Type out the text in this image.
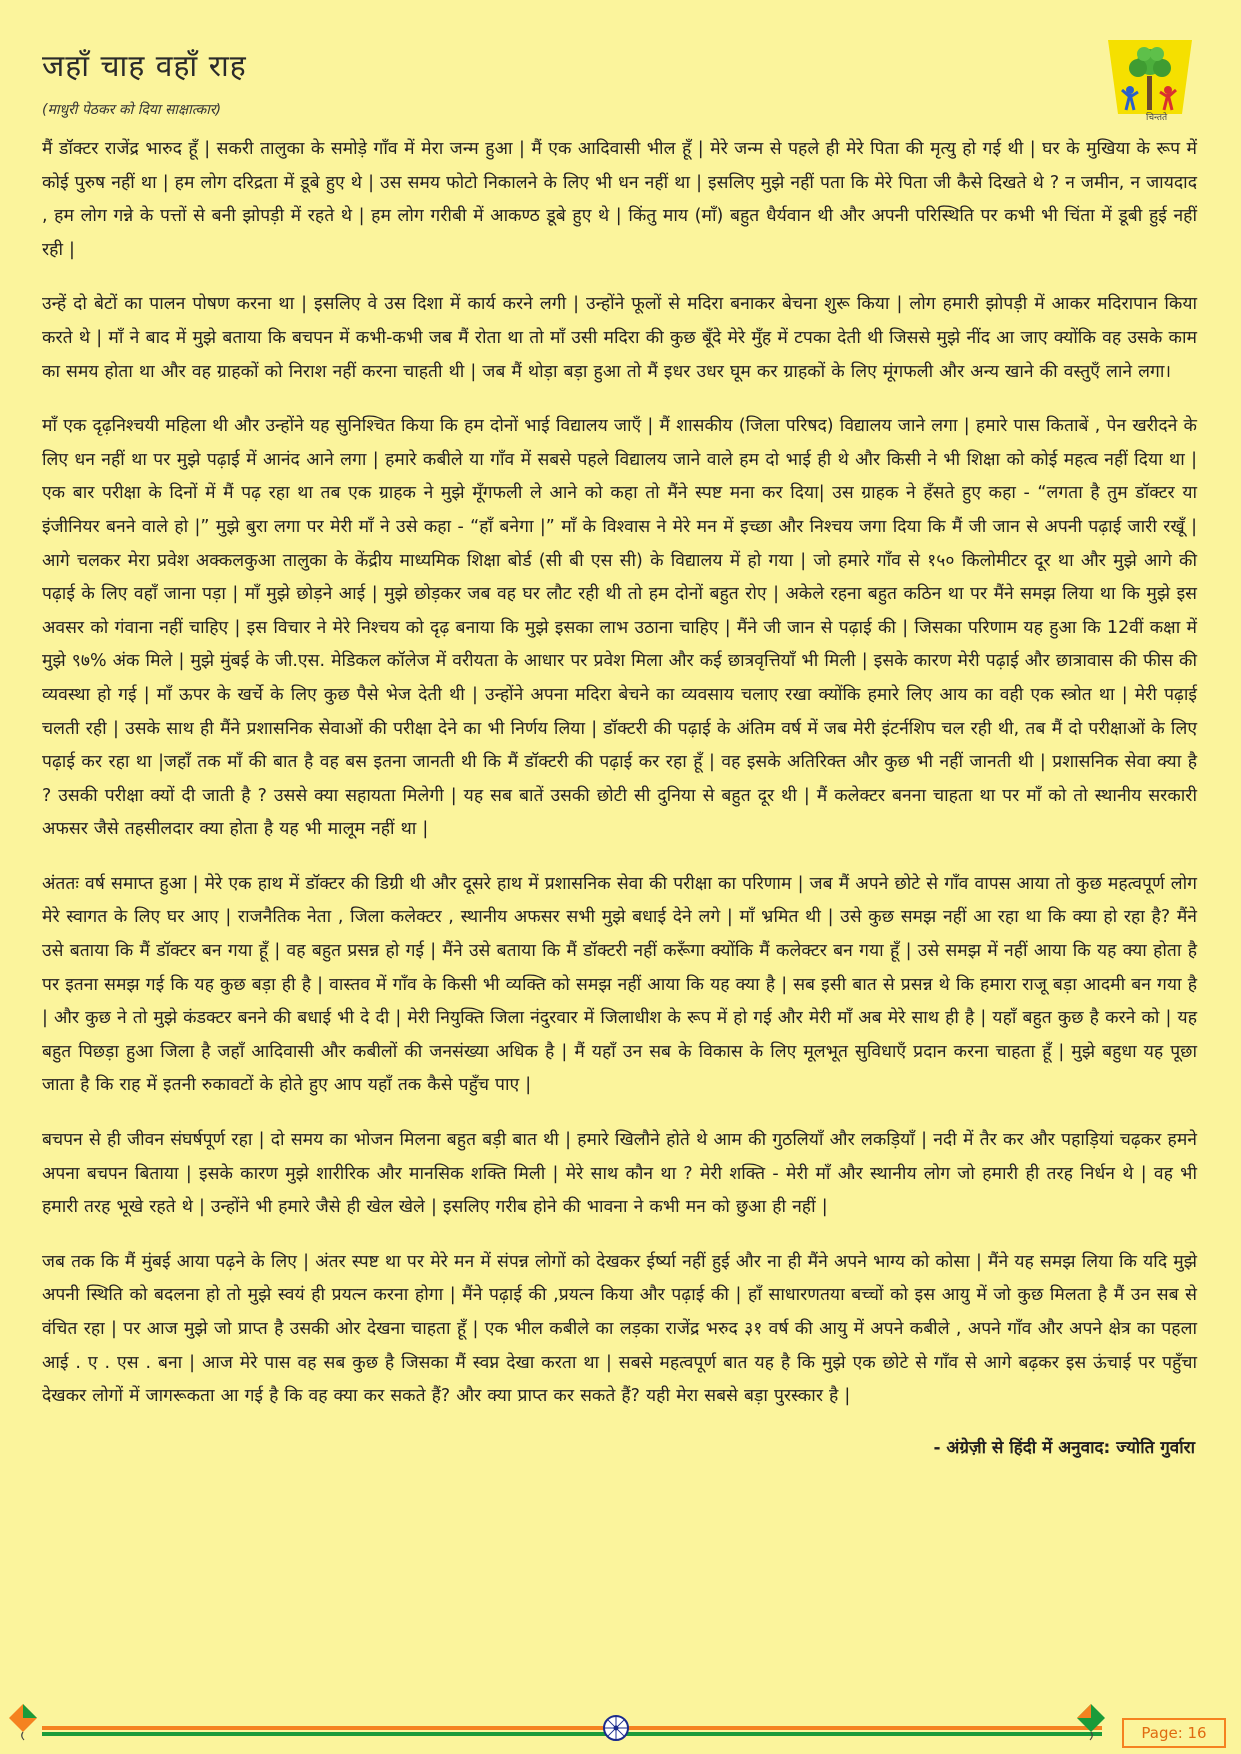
जहाँ चाह वहाँ राह
(माधुरी पेठकर को दिया साक्षात्कार)	चिन्तते

मैं डॉक्टर राजेंद्र भारुद हूँ | सकरी तालुका के समोड़े गाँव में मेरा जन्म हुआ | मैं एक आदिवासी भील हूँ | मेरे जन्म से पहले ही मेरे पिता की मृत्यु हो गई थी | घर के मुखिया के रूप में कोई पुरुष नहीं था | हम लोग दरिद्रता में डूबे हुए थे | उस समय फोटो निकालने के लिए भी धन नहीं था | इसलिए मुझे नहीं पता कि मेरे पिता जी कैसे दिखते थे ? न जमीन, न जायदाद , हम लोग गन्ने के पत्तों से बनी झोपड़ी में रहते थे | हम लोग गरीबी में आकण्ठ डूबे हुए थे | किंतु माय (माँ) बहुत धैर्यवान थी और अपनी परिस्थिति पर कभी भी चिंता में डूबी हुई नहीं रही |

उन्हें दो बेटों का पालन पोषण करना था | इसलिए वे उस दिशा में कार्य करने लगी | उन्होंने फूलों से मदिरा बनाकर बेचना शुरू किया | लोग हमारी झोपड़ी में आकर मदिरापान किया करते थे | माँ ने बाद में मुझे बताया कि बचपन में कभी-कभी जब मैं रोता था तो माँ उसी मदिरा की कुछ बूँदे मेरे मुँह में टपका देती थी जिससे मुझे नींद आ जाए क्योंकि वह उसके काम का समय होता था और वह ग्राहकों को निराश नहीं करना चाहती थी | जब मैं थोड़ा बड़ा हुआ तो मैं इधर उधर घूम कर ग्राहकों के लिए मूंगफली और अन्य खाने की वस्तुएँ लाने लगा।

माँ एक दृढ़निश्चयी महिला थी और उन्होंने यह सुनिश्चित किया कि हम दोनों भाई विद्यालय जाएँ | मैं शासकीय (जिला परिषद) विद्यालय जाने लगा | हमारे पास किताबें , पेन खरीदने के लिए धन नहीं था पर मुझे पढ़ाई में आनंद आने लगा | हमारे कबीले या गाँव में सबसे पहले विद्यालय जाने वाले हम दो भाई ही थे और किसी ने भी शिक्षा को कोई महत्व नहीं दिया था | एक बार परीक्षा के दिनों में मैं पढ़ रहा था तब एक ग्राहक ने मुझे मूँगफली ले आने को कहा तो मैंने स्पष्ट मना कर दिया| उस ग्राहक ने हँसते हुए कहा - “लगता है तुम डॉक्टर या इंजीनियर बनने वाले हो |” मुझे बुरा लगा पर मेरी माँ ने उसे कहा - “हाँ बनेगा |” माँ के विश्वास ने मेरे मन में इच्छा और निश्चय जगा दिया कि मैं जी जान से अपनी पढ़ाई जारी रखूँ | आगे चलकर मेरा प्रवेश अक्कलकुआ तालुका के केंद्रीय माध्यमिक शिक्षा बोर्ड (सी बी एस सी) के विद्यालय में हो गया | जो हमारे गाँव से १५० किलोमीटर दूर था और मुझे आगे की पढ़ाई के लिए वहाँ जाना पड़ा | माँ मुझे छोड़ने आई | मुझे छोड़कर जब वह घर लौट रही थी तो हम दोनों बहुत रोए | अकेले रहना बहुत कठिन था पर मैंने समझ लिया था कि मुझे इस अवसर को गंवाना नहीं चाहिए | इस विचार ने मेरे निश्चय को दृढ़ बनाया कि मुझे इसका लाभ उठाना चाहिए | मैंने जी जान से पढ़ाई की | जिसका परिणाम यह हुआ कि 12वीं कक्षा में मुझे ९७% अंक मिले | मुझे मुंबई के जी.एस. मेडिकल कॉलेज में वरीयता के आधार पर प्रवेश मिला और कई छात्रवृत्तियाँ भी मिली | इसके कारण मेरी पढ़ाई और छात्रावास की फीस की व्यवस्था हो गई | माँ ऊपर के खर्चे के लिए कुछ पैसे भेज देती थी | उन्होंने अपना मदिरा बेचने का व्यवसाय चलाए रखा क्योंकि हमारे लिए आय का वही एक स्त्रोत था | मेरी पढ़ाई चलती रही | उसके साथ ही मैंने प्रशासनिक सेवाओं की परीक्षा देने का भी निर्णय लिया | डॉक्टरी की पढ़ाई के अंतिम वर्ष में जब मेरी इंटर्नशिप चल रही थी, तब मैं दो परीक्षाओं के लिए पढ़ाई कर रहा था |जहाँ तक माँ की बात है वह बस इतना जानती थी कि मैं डॉक्टरी की पढ़ाई कर रहा हूँ | वह इसके अतिरिक्त और कुछ भी नहीं जानती थी | प्रशासनिक सेवा क्या है ? उसकी परीक्षा क्यों दी जाती है ? उससे क्या सहायता मिलेगी | यह सब बातें उसकी छोटी सी दुनिया से बहुत दूर थी | मैं कलेक्टर बनना चाहता था पर माँ को तो स्थानीय सरकारी अफसर जैसे तहसीलदार क्या होता है यह भी मालूम नहीं था |

अंततः वर्ष समाप्त हुआ | मेरे एक हाथ में डॉक्टर की डिग्री थी और दूसरे हाथ में प्रशासनिक सेवा की परीक्षा का परिणाम | जब मैं अपने छोटे से गाँव वापस आया तो कुछ महत्वपूर्ण लोग मेरे स्वागत के लिए घर आए | राजनैतिक नेता , जिला कलेक्टर , स्थानीय अफसर सभी मुझे बधाई देने लगे | माँ भ्रमित थी | उसे कुछ समझ नहीं आ रहा था कि क्या हो रहा है? मैंने उसे बताया कि मैं डॉक्टर बन गया हूँ | वह बहुत प्रसन्न हो गई | मैंने उसे बताया कि मैं डॉक्टरी नहीं करूँगा क्योंकि मैं कलेक्टर बन गया हूँ | उसे समझ में नहीं आया कि यह क्या होता है पर इतना समझ गई कि यह कुछ बड़ा ही है | वास्तव में गाँव के किसी भी व्यक्ति को समझ नहीं आया कि यह क्या है | सब इसी बात से प्रसन्न थे कि हमारा राजू बड़ा आदमी बन गया है | और कुछ ने तो मुझे कंडक्टर बनने की बधाई भी दे दी | मेरी नियुक्ति जिला नंदुरवार में जिलाधीश के रूप में हो गई और मेरी माँ अब मेरे साथ ही है | यहाँ बहुत कुछ है करने को | यह बहुत पिछड़ा हुआ जिला है जहाँ आदिवासी और कबीलों की जनसंख्या अधिक है | मैं यहाँ उन सब के विकास के लिए मूलभूत सुविधाएँ प्रदान करना चाहता हूँ | मुझे बहुधा यह पूछा जाता है कि राह में इतनी रुकावटों के होते हुए आप यहाँ तक कैसे पहुँच पाए |

बचपन से ही जीवन संघर्षपूर्ण रहा | दो समय का भोजन मिलना बहुत बड़ी बात थी | हमारे खिलौने होते थे आम की गुठलियाँ और लकड़ियाँ | नदी में तैर कर और पहाड़ियां चढ़कर हमने अपना बचपन बिताया | इसके कारण मुझे शारीरिक और मानसिक शक्ति मिली | मेरे साथ कौन था ? मेरी शक्ति - मेरी माँ और स्थानीय लोग जो हमारी ही तरह निर्धन थे | वह भी हमारी तरह भूखे रहते थे | उन्होंने भी हमारे जैसे ही खेल खेले | इसलिए गरीब होने की भावना ने कभी मन को छुआ ही नहीं |

जब तक कि मैं मुंबई आया पढ़ने के लिए | अंतर स्पष्ट था पर मेरे मन में संपन्न लोगों को देखकर ईर्ष्या नहीं हुई और ना ही मैंने अपने भाग्य को कोसा | मैंने यह समझ लिया कि यदि मुझे अपनी स्थिति को बदलना हो तो मुझे स्वयं ही प्रयत्न करना होगा | मैंने पढ़ाई की ,प्रयत्न किया और पढ़ाई की | हाँ साधारणतया बच्चों को इस आयु में जो कुछ मिलता है मैं उन सब से वंचित रहा | पर आज मुझे जो प्राप्त है उसकी ओर देखना चाहता हूँ | एक भील कबीले का लड़का राजेंद्र भरुद ३१ वर्ष की आयु में अपने कबीले , अपने गाँव और अपने क्षेत्र का पहला आई . ए . एस . बना | आज मेरे पास वह सब कुछ है जिसका मैं स्वप्न देखा करता था | सबसे महत्वपूर्ण बात यह है कि मुझे एक छोटे से गाँव से आगे बढ़कर इस ऊंचाई पर पहुँचा देखकर लोगों में जागरूकता आ गई है कि वह क्या कर सकते हैं? और क्या प्राप्त कर सकते हैं? यही मेरा सबसे बड़ा पुरस्कार है |

- अंग्रेज़ी से हिंदी में अनुवाद: ज्योति गुर्वारा
Page: 16
